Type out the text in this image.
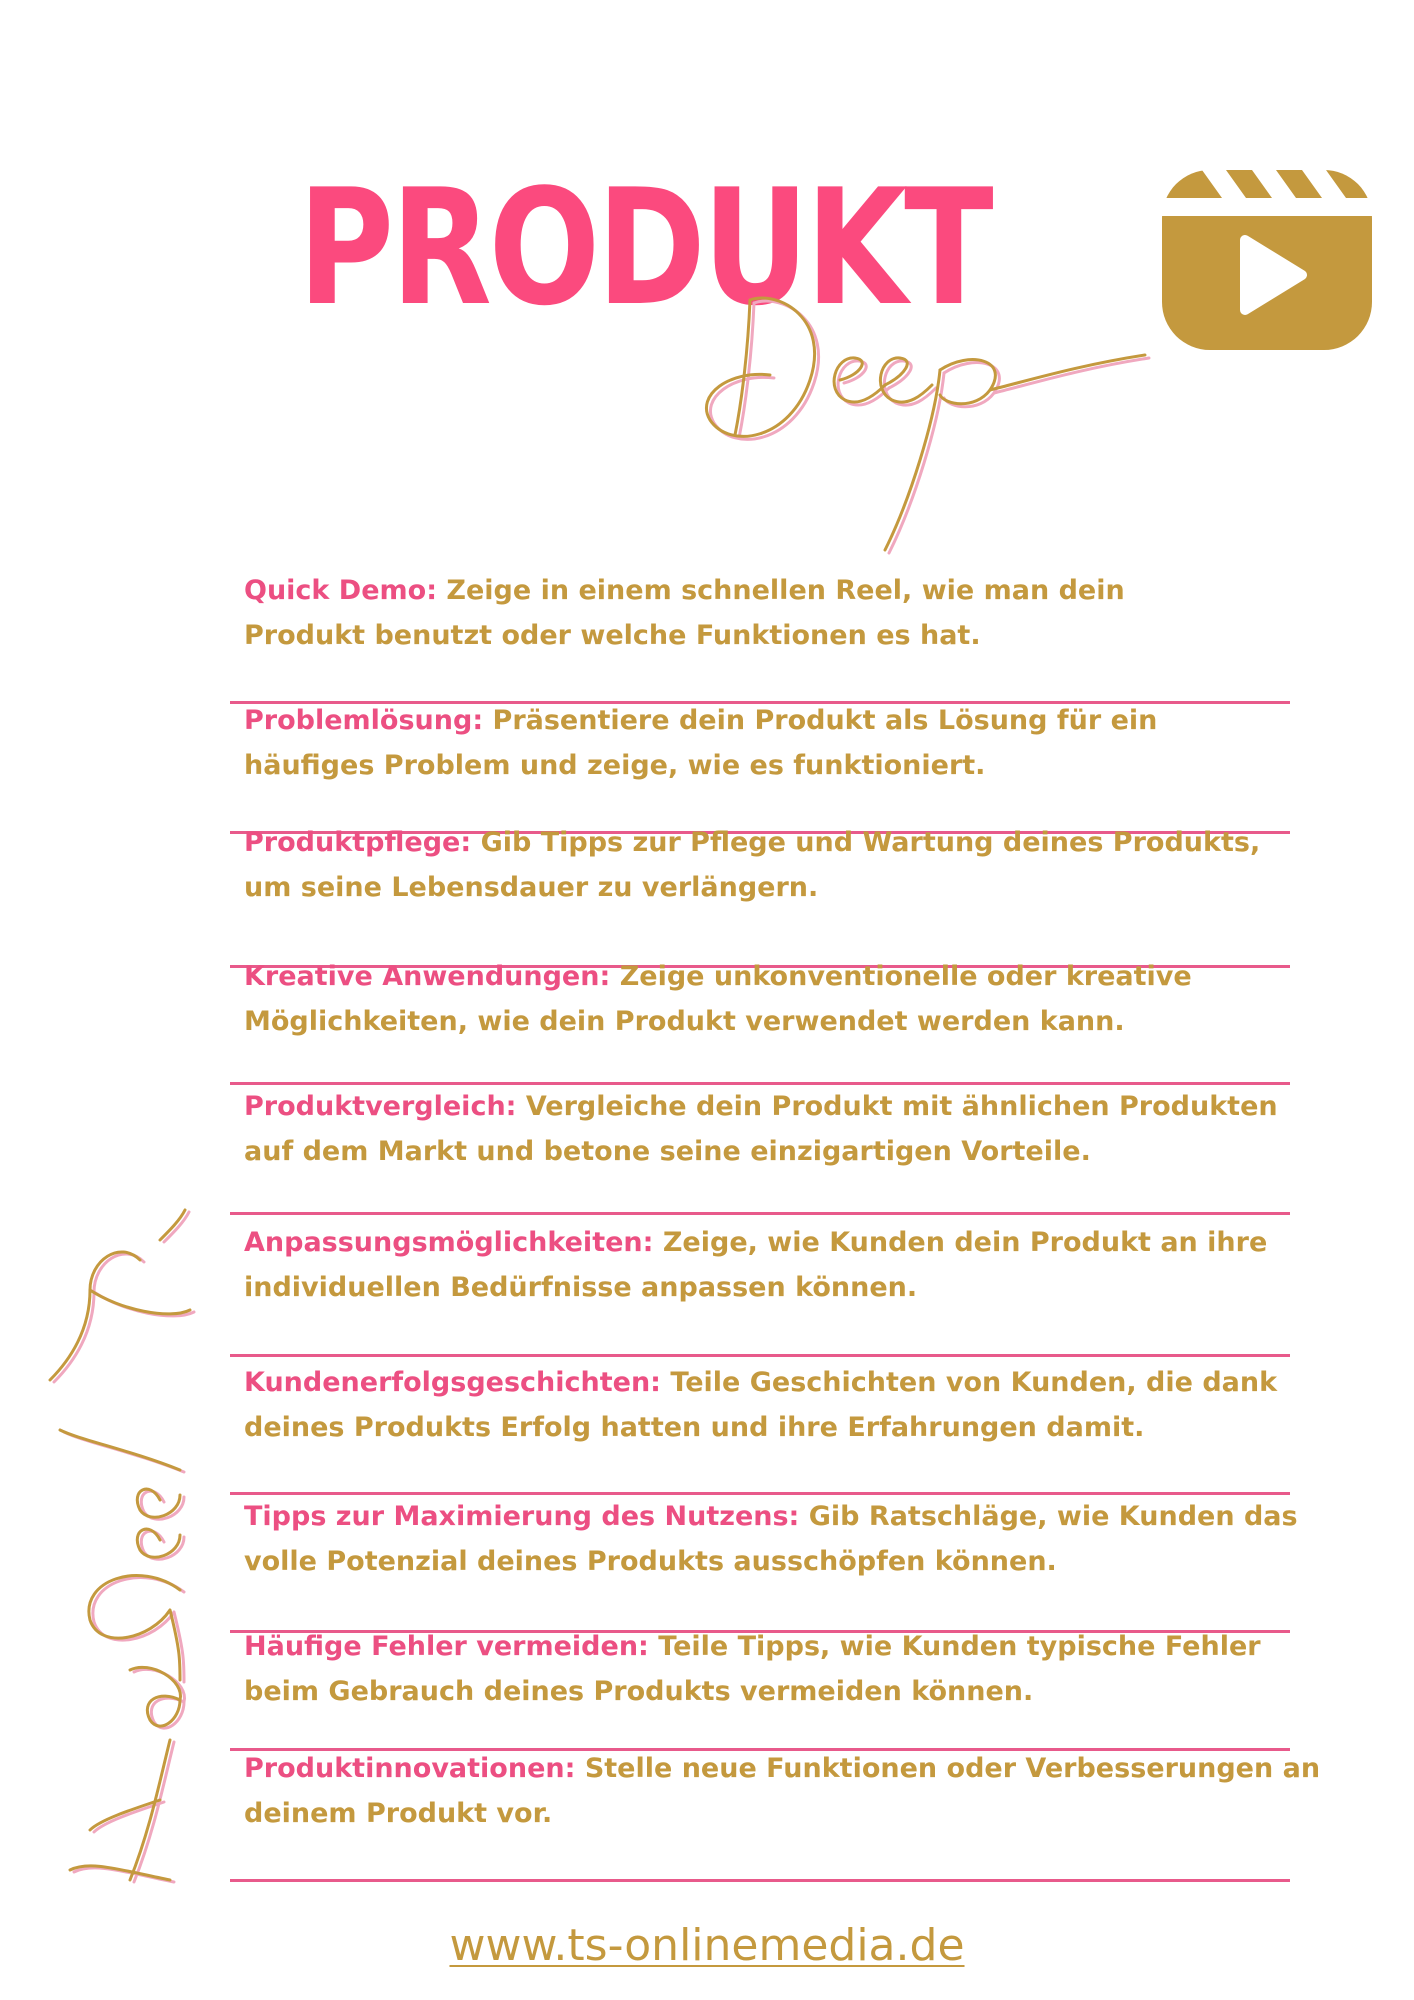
PRODUKT

Quick Demo: Zeige in einem schnellen Reel, wie man dein

Produkt benutzt oder welche Funktionen es hat.

Problemlösung: Präsentiere dein Produkt als Lösung für ein

häufiges Problem und zeige, wie es funktioniert.

Produktpflege: Gib Tipps zur Pflege und Wartung deines Produkts,

um seine Lebensdauer zu verlängern.

Kreative Anwendungen: Zeige unkonventionelle oder kreative

Möglichkeiten, wie dein Produkt verwendet werden kann.

Produktvergleich: Vergleiche dein Produkt mit ähnlichen Produkten

auf dem Markt und betone seine einzigartigen Vorteile.

Anpassungsmöglichkeiten: Zeige, wie Kunden dein Produkt an ihre

individuellen Bedürfnisse anpassen können.

Kundenerfolgsgeschichten: Teile Geschichten von Kunden, die dank

deines Produkts Erfolg hatten und ihre Erfahrungen damit.

Tipps zur Maximierung des Nutzens: Gib Ratschläge, wie Kunden das

volle Potenzial deines Produkts ausschöpfen können.

Häufige Fehler vermeiden: Teile Tipps, wie Kunden typische Fehler

beim Gebrauch deines Produkts vermeiden können.

Produktinnovationen: Stelle neue Funktionen oder Verbesserungen an

deinem Produkt vor.

www.ts-onlinemedia.de
